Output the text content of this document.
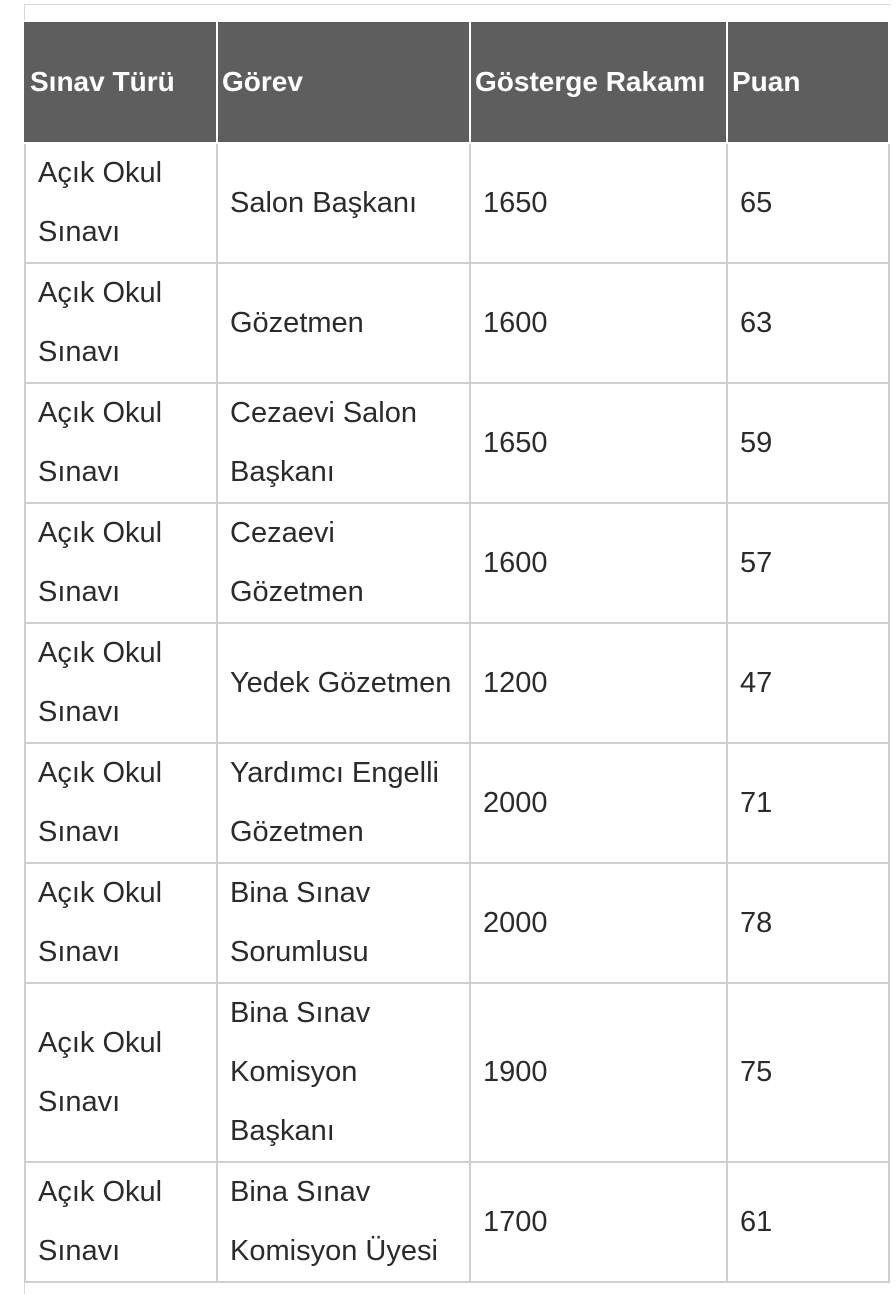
Sınav Türü	Görev	Gösterge Rakamı	Puan
Açık Okul Sınavı	Salon Başkanı	1650	65
Açık Okul Sınavı	Gözetmen	1600	63
Açık Okul Sınavı	Cezaevi Salon Başkanı	1650	59
Açık Okul Sınavı	Cezaevi Gözetmen	1600	57
Açık Okul Sınavı	Yedek Gözetmen	1200	47
Açık Okul Sınavı	Yardımcı Engelli Gözetmen	2000	71
Açık Okul Sınavı	Bina Sınav Sorumlusu	2000	78
Açık Okul Sınavı	Bina Sınav Komisyon Başkanı	1900	75
Açık Okul Sınavı	Bina Sınav Komisyon Üyesi	1700	61
